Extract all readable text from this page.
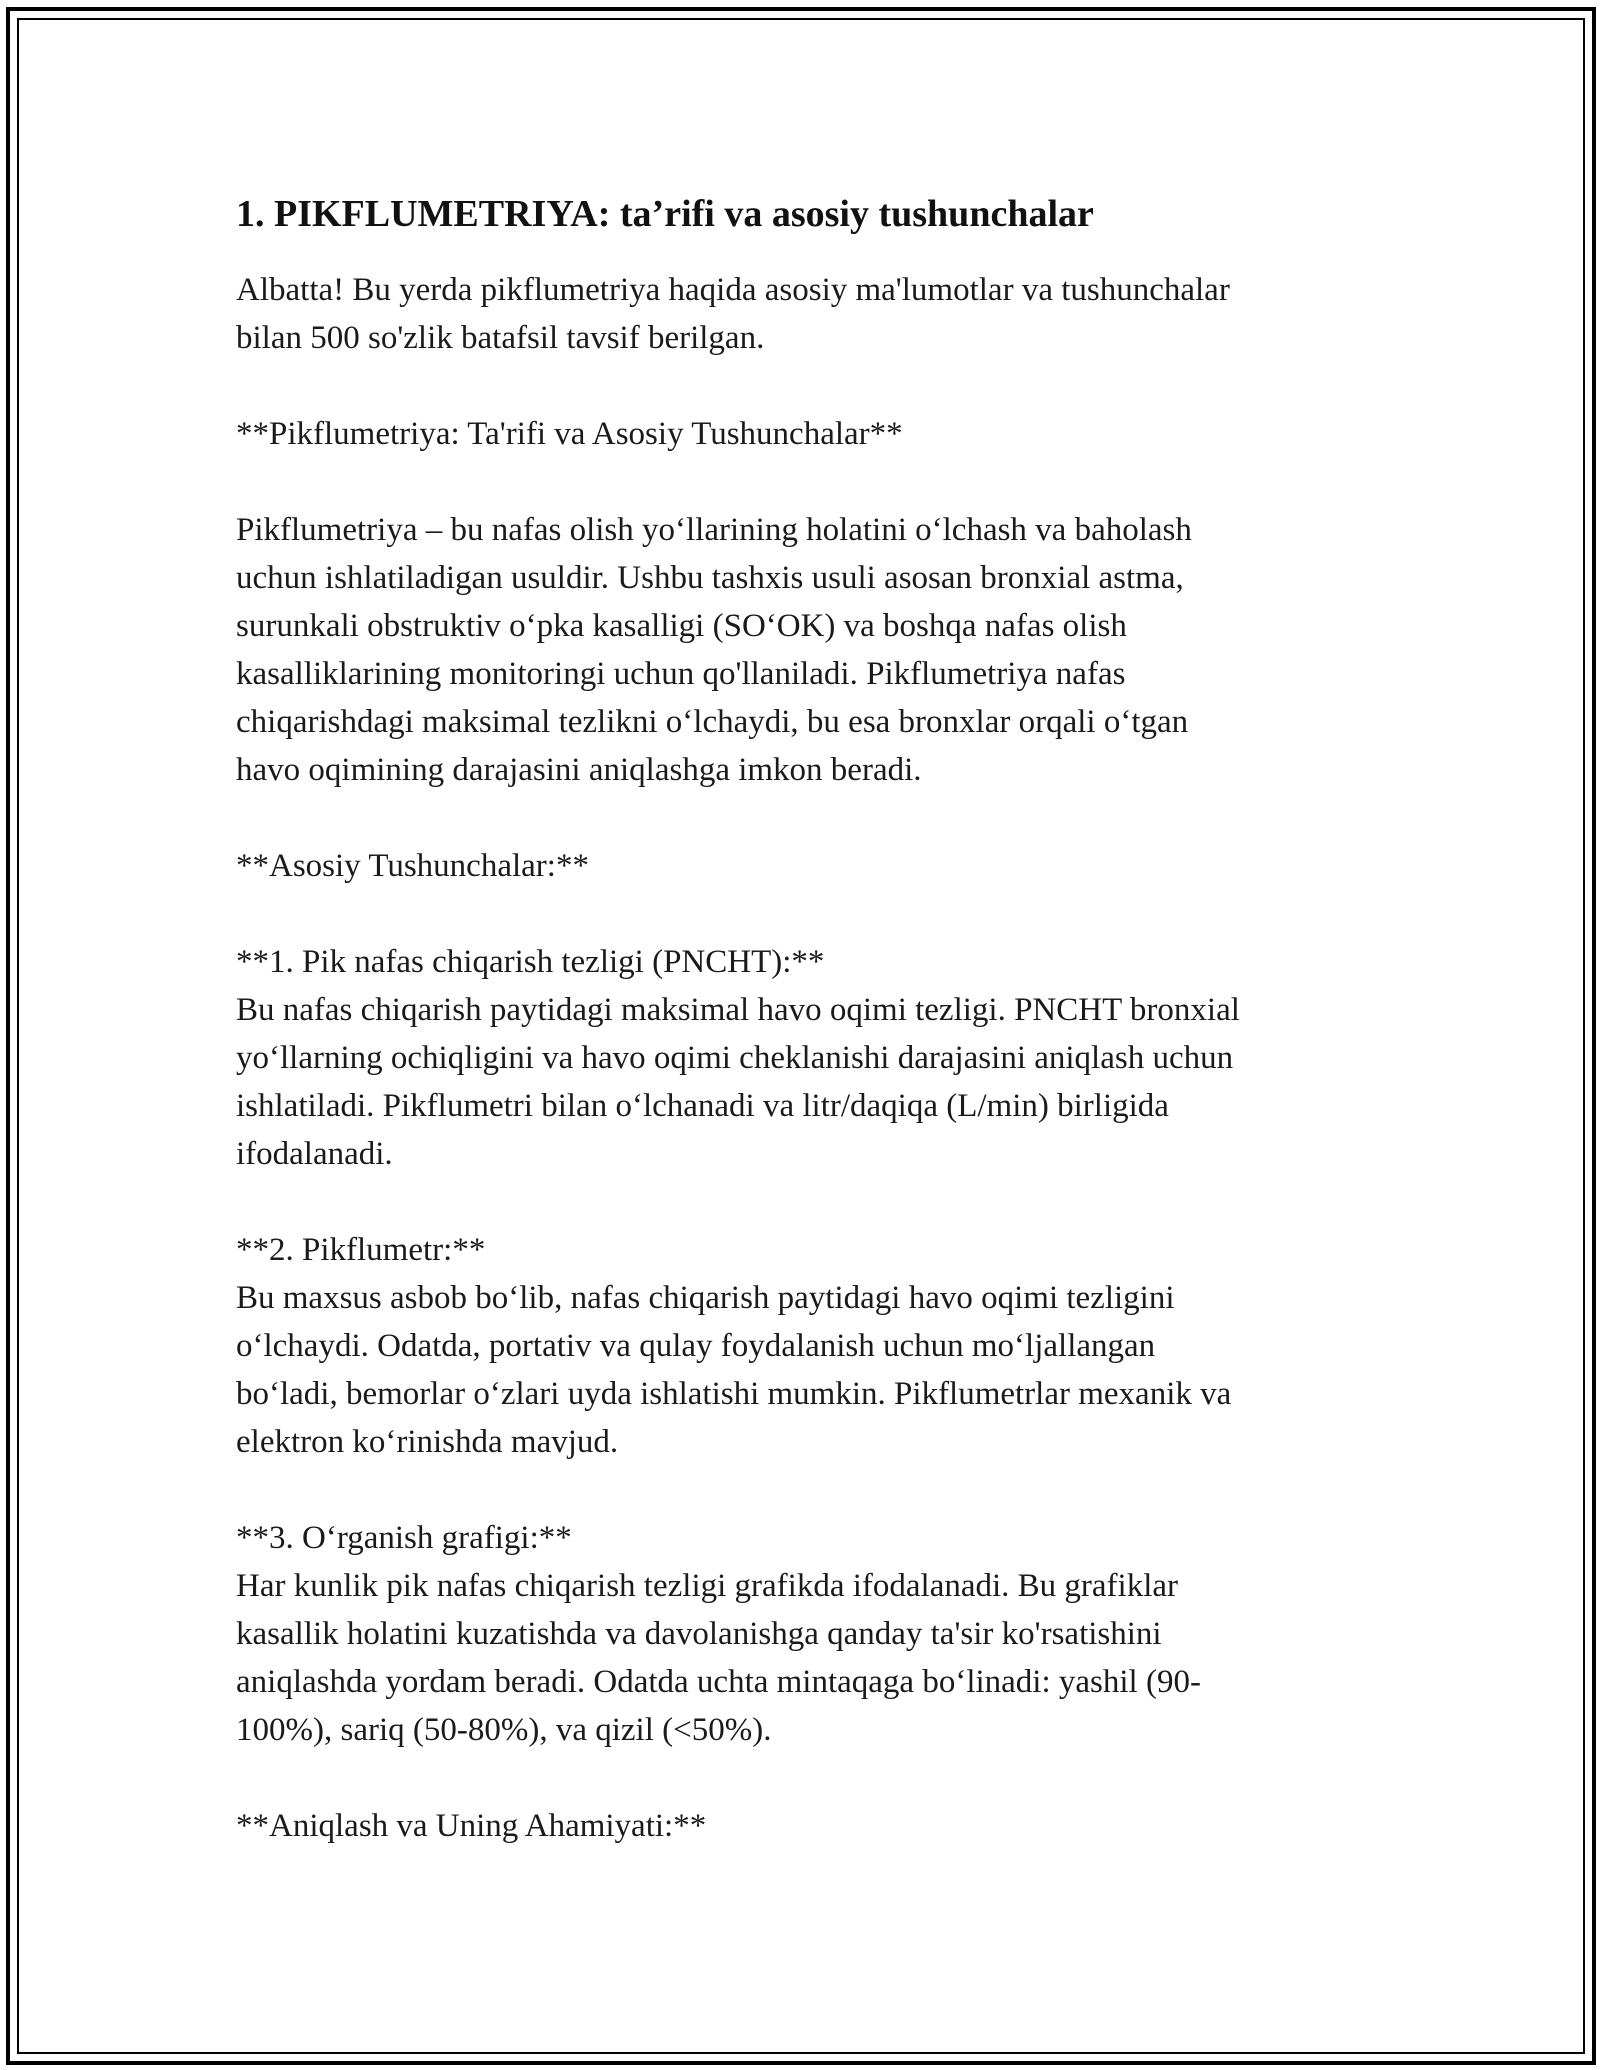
1. PIKFLUMETRIYA: ta’rifi va asosiy tushunchalar

Albatta! Bu yerda pikflumetriya haqida asosiy ma'lumotlar va tushunchalar
bilan 500 so'zlik batafsil tavsif berilgan.

**Pikflumetriya: Ta'rifi va Asosiy Tushunchalar**

Pikflumetriya – bu nafas olish yo‘llarining holatini o‘lchash va baholash
uchun ishlatiladigan usuldir. Ushbu tashxis usuli asosan bronxial astma,
surunkali obstruktiv o‘pka kasalligi (SO‘OK) va boshqa nafas olish
kasalliklarining monitoringi uchun qo'llaniladi. Pikflumetriya nafas
chiqarishdagi maksimal tezlikni o‘lchaydi, bu esa bronxlar orqali o‘tgan
havo oqimining darajasini aniqlashga imkon beradi.

**Asosiy Tushunchalar:**

**1. Pik nafas chiqarish tezligi (PNCHT):**
Bu nafas chiqarish paytidagi maksimal havo oqimi tezligi. PNCHT bronxial
yo‘llarning ochiqligini va havo oqimi cheklanishi darajasini aniqlash uchun
ishlatiladi. Pikflumetri bilan o‘lchanadi va litr/daqiqa (L/min) birligida
ifodalanadi.

**2. Pikflumetr:**
Bu maxsus asbob bo‘lib, nafas chiqarish paytidagi havo oqimi tezligini
o‘lchaydi. Odatda, portativ va qulay foydalanish uchun mo‘ljallangan
bo‘ladi, bemorlar o‘zlari uyda ishlatishi mumkin. Pikflumetrlar mexanik va
elektron ko‘rinishda mavjud.

**3. O‘rganish grafigi:**
Har kunlik pik nafas chiqarish tezligi grafikda ifodalanadi. Bu grafiklar
kasallik holatini kuzatishda va davolanishga qanday ta'sir ko'rsatishini
aniqlashda yordam beradi. Odatda uchta mintaqaga bo‘linadi: yashil (90-
100%), sariq (50-80%), va qizil (<50%).

**Aniqlash va Uning Ahamiyati:**
